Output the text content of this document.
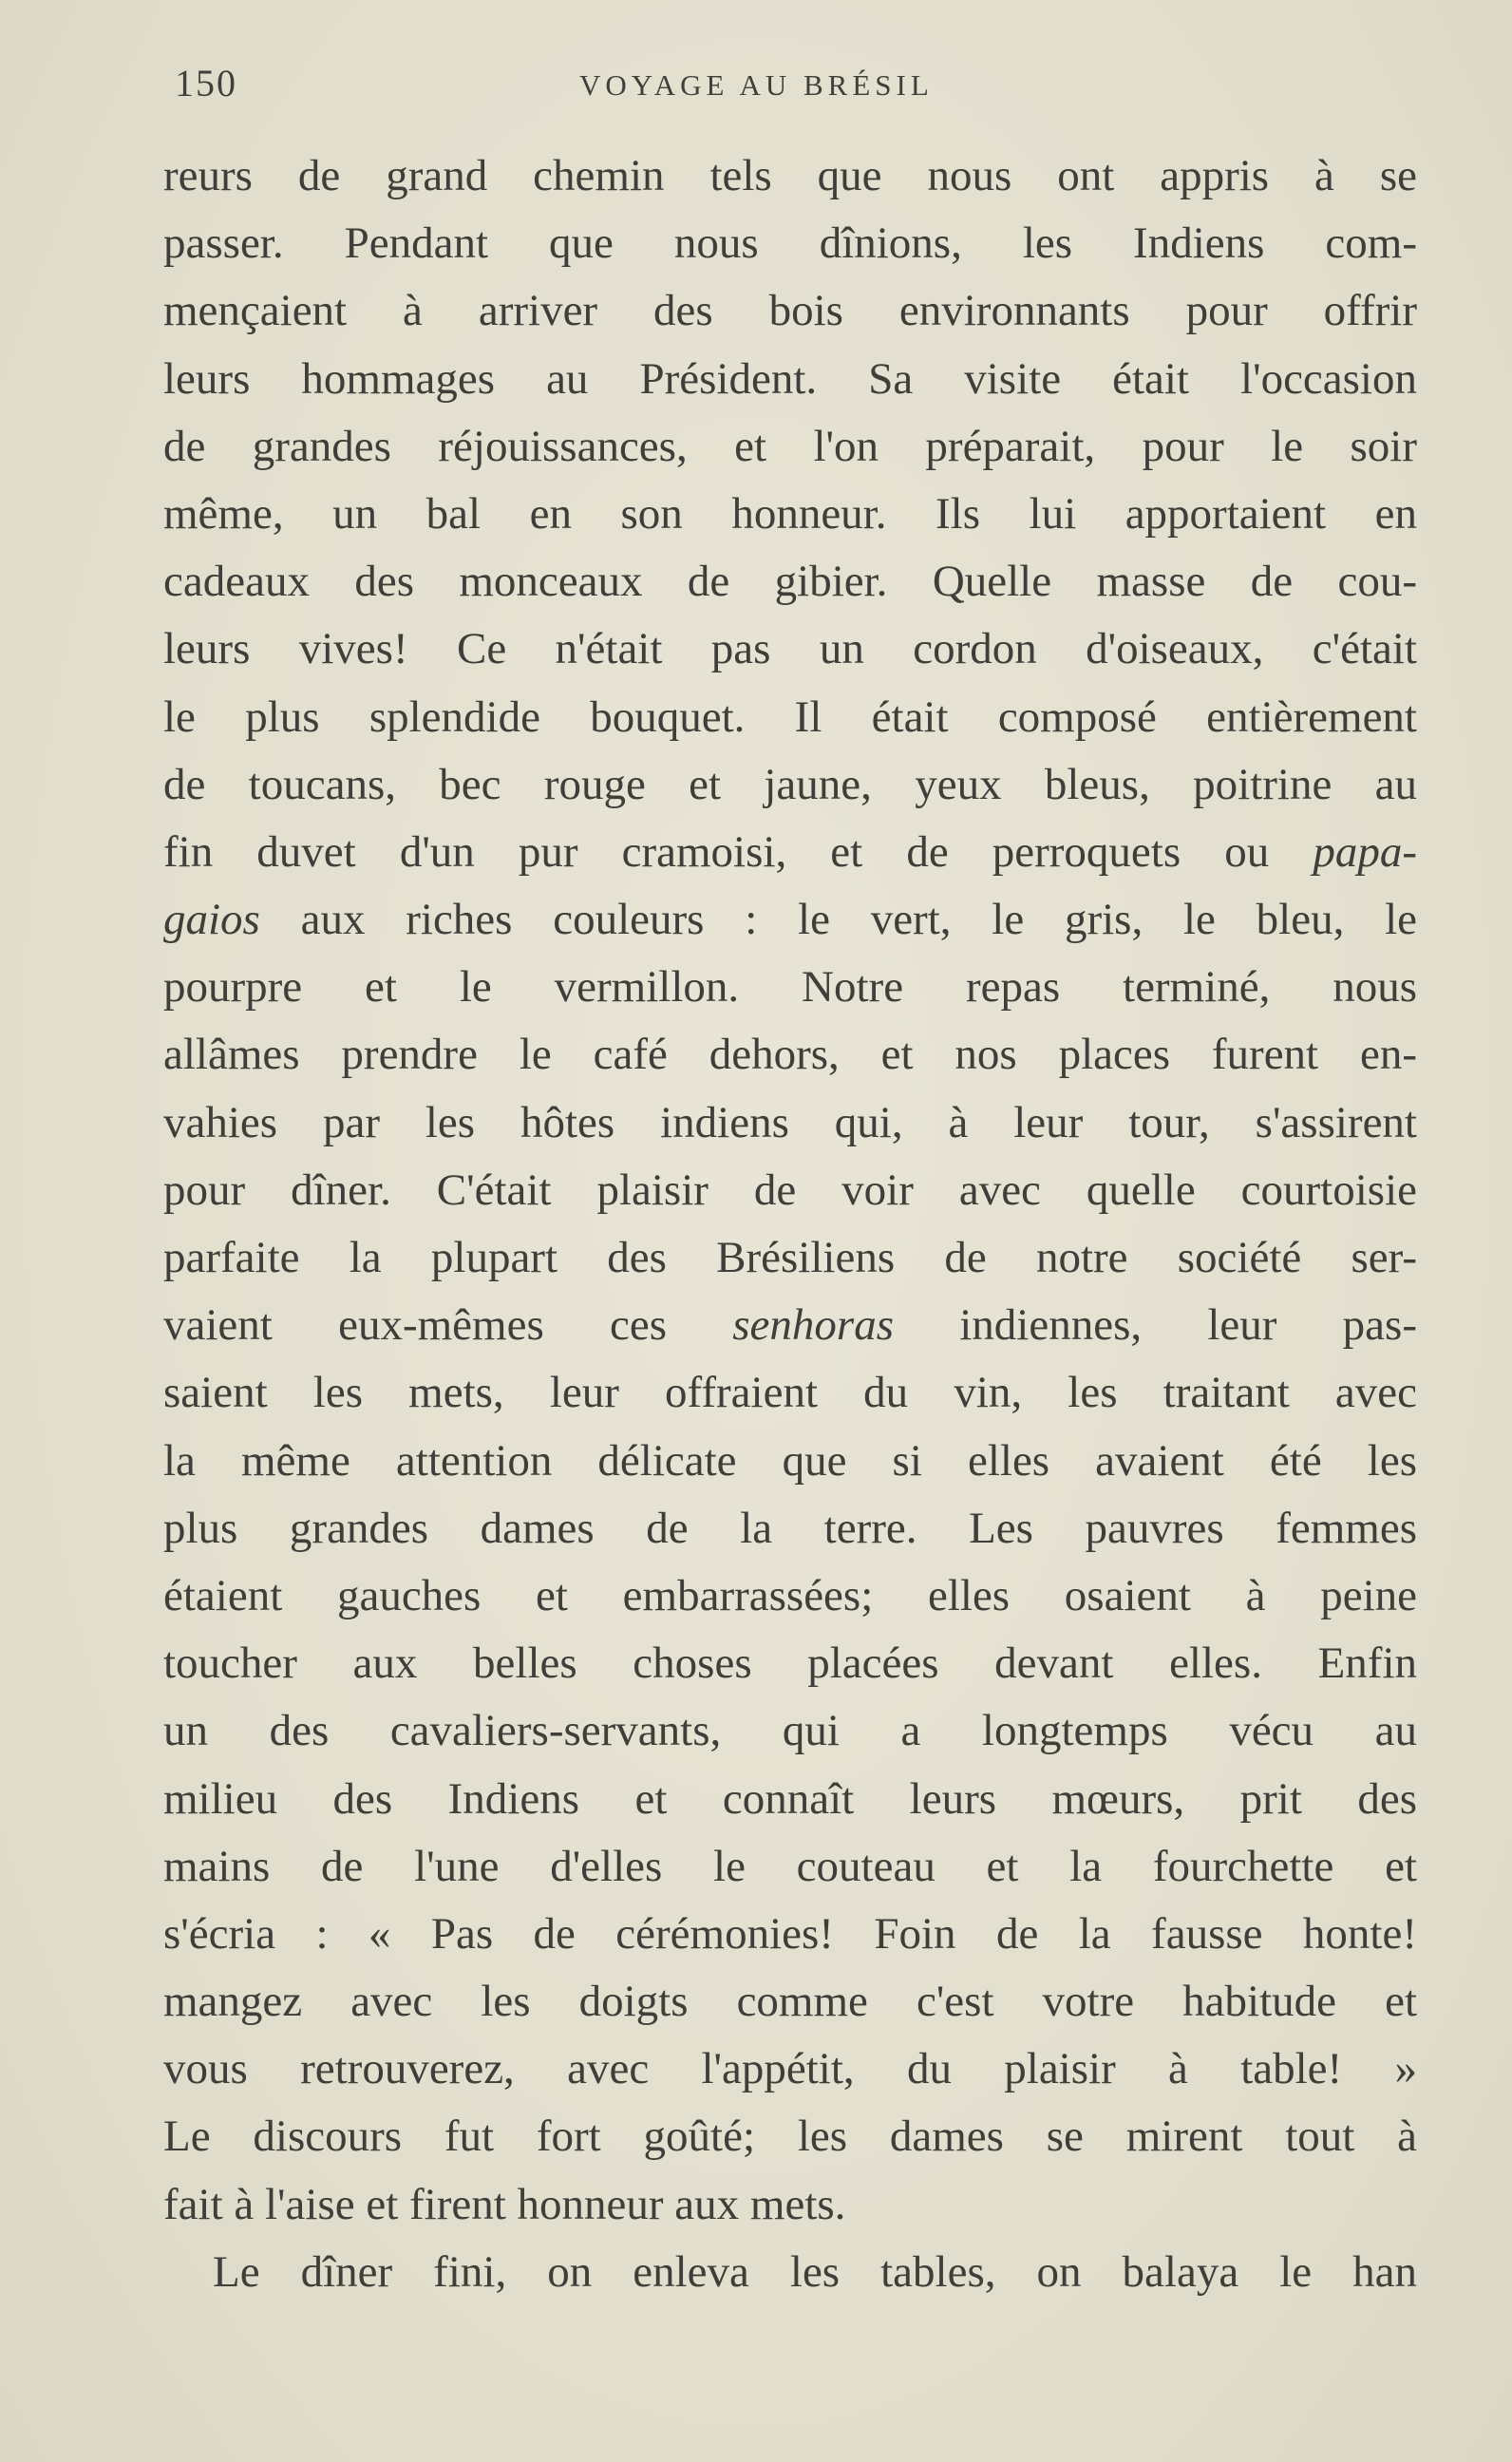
150	VOYAGE AU BRÉSIL
reurs de grand chemin tels que nous ont appris à se
passer. Pendant que nous dînions, les Indiens com-
mençaient à arriver des bois environnants pour offrir
leurs hommages au Président. Sa visite était l'occasion
de grandes réjouissances, et l'on préparait, pour le soir
même, un bal en son honneur. Ils lui apportaient en
cadeaux des monceaux de gibier. Quelle masse de cou-
leurs vives! Ce n'était pas un cordon d'oiseaux, c'était
le plus splendide bouquet. Il était composé entièrement
de toucans, bec rouge et jaune, yeux bleus, poitrine au
fin duvet d'un pur cramoisi, et de perroquets ou papa-
gaios aux riches couleurs : le vert, le gris, le bleu, le
pourpre et le vermillon. Notre repas terminé, nous
allâmes prendre le café dehors, et nos places furent en-
vahies par les hôtes indiens qui, à leur tour, s'assirent
pour dîner. C'était plaisir de voir avec quelle courtoisie
parfaite la plupart des Brésiliens de notre société ser-
vaient eux-mêmes ces senhoras indiennes, leur pas-
saient les mets, leur offraient du vin, les traitant avec
la même attention délicate que si elles avaient été les
plus grandes dames de la terre. Les pauvres femmes
étaient gauches et embarrassées; elles osaient à peine
toucher aux belles choses placées devant elles. Enfin
un des cavaliers-servants, qui a longtemps vécu au
milieu des Indiens et connaît leurs mœurs, prit des
mains de l'une d'elles le couteau et la fourchette et
s'écria : « Pas de cérémonies! Foin de la fausse honte!
mangez avec les doigts comme c'est votre habitude et
vous retrouverez, avec l'appétit, du plaisir à table! »
Le discours fut fort goûté; les dames se mirent tout à
fait à l'aise et firent honneur aux mets.
Le dîner fini, on enleva les tables, on balaya le han
